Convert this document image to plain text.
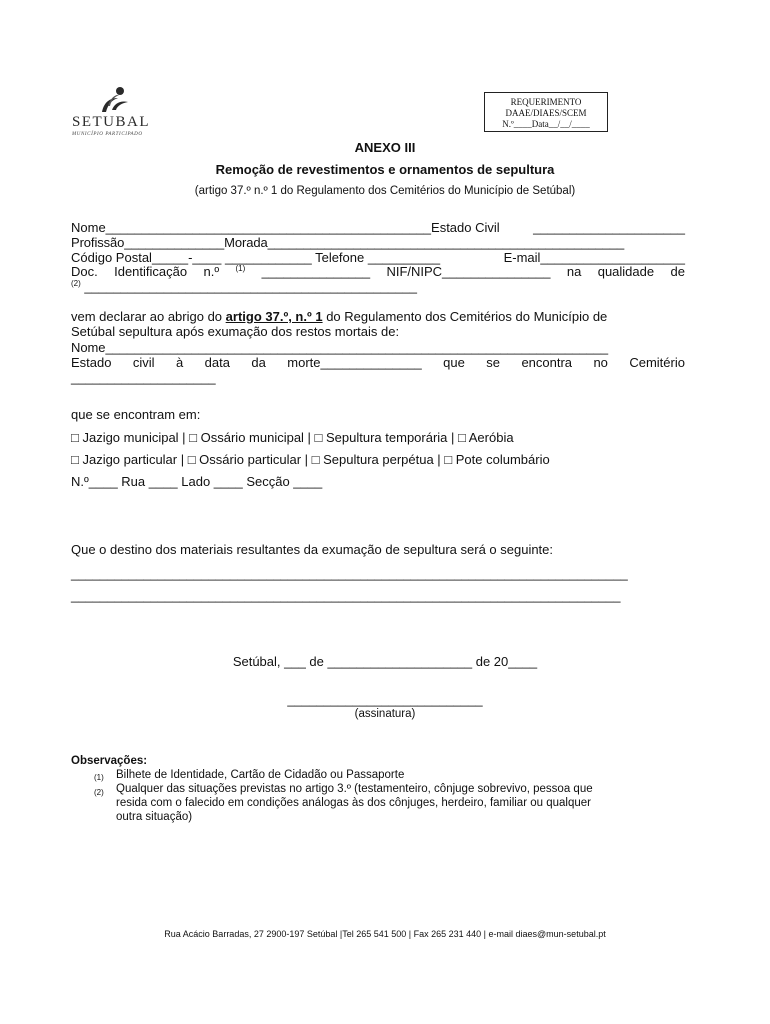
SETUBAL
MUNICÍPIO PARTICIPADO
REQUERIMENTO
DAAE/DIAES/SCEM
N.º____Data__/__/____
ANEXO III
Remoção de revestimentos e ornamentos de sepultura
(artigo 37.º n.º 1 do Regulamento dos Cemitérios do Município de Setúbal)
Nome_____________________________________________Estado Civil	_____________________
Profissão______________Morada__________________________________________________
Código Postal_____-____ ____________ Telefone __________	E-mail____________________
Doc. Identificação n.º (1) _______________ NIF/NIPC_______________ na qualidade de
$^{(2)}$ ______________________________________________
vem declarar ao abrigo do artigo 37.º, n.º 1 do Regulamento dos Cemitérios do Município de
Setúbal sepultura após exumação dos restos mortais de:
Nome______________________________________________________________________
Estado civil à data da morte______________ que se encontra no Cemitério
____________________
que se encontram em:
□ Jazigo municipal | □ Ossário municipal | □ Sepultura temporária | □ Aeróbia
□ Jazigo particular | □ Ossário particular | □ Sepultura perpétua | □ Pote columbário
N.º____ Rua ____ Lado ____ Secção ____
Que o destino dos materiais resultantes da exumação de sepultura será o seguinte:
_____________________________________________________________________________
____________________________________________________________________________
Setúbal, ___ de ____________________ de 20____
___________________________
(assinatura)
Observações:
(1) Bilhete de Identidade, Cartão de Cidadão ou Passaporte
(2) Qualquer das situações previstas no artigo 3.º (testamenteiro, cônjuge sobrevivo, pessoa que
resida com o falecido em condições análogas às dos cônjuges, herdeiro, familiar ou qualquer
outra situação)
Rua Acácio Barradas, 27 2900-197 Setúbal |Tel 265 541 500 | Fax 265 231 440 | e-mail diaes@mun-setubal.pt
